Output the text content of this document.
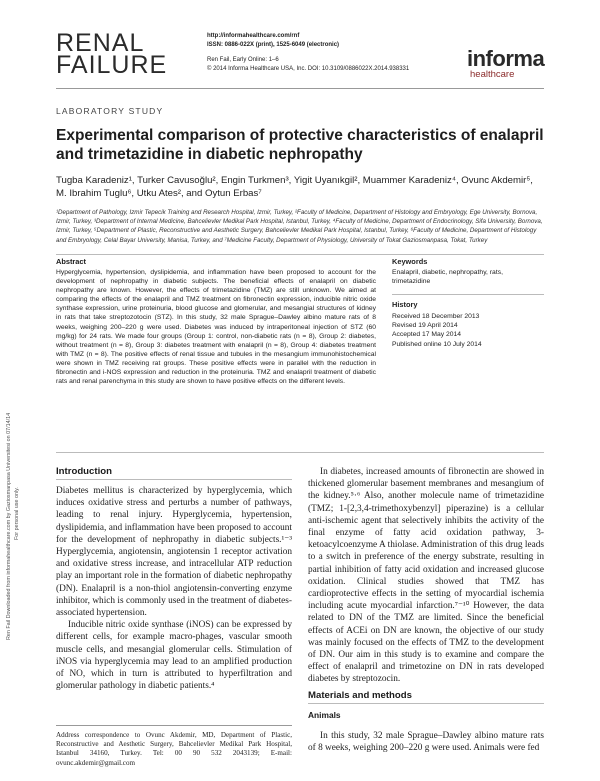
Ren Fail Downloaded from informahealthcare.com by Gaziosmanpasa Universitesi on 07/14/14 For personal use only.
RENAL
FAILURE
http://informahealthcare.com/rnf
ISSN: 0886-022X (print), 1525-6049 (electronic)
Ren Fail, Early Online: 1–6
© 2014 Informa Healthcare USA, Inc. DOI: 10.3109/0886022X.2014.938331	informa
healthcare
LABORATORY STUDY
Experimental comparison of protective characteristics of enalapril and trimetazidine in diabetic nephropathy
Tugba Karadeniz¹, Turker Cavusoğlu², Engin Turkmen³, Yigit Uyanıkgil², Muammer Karadeniz⁴, Ovunc Akdemir⁵,
M. Ibrahim Tuglu⁶, Utku Ates², and Oytun Erbas⁷
¹Department of Pathology, Izmir Tepecik Training and Research Hospital, Izmir, Turkey, ²Faculty of Medicine, Department of Histology and Embryology, Ege University, Bornova, Izmir, Turkey, ³Department of Internal Medicine, Bahcelievler Medikal Park Hospital, Istanbul, Turkey, ⁴Faculty of Medicine, Department of Endocrinology, Sifa University, Bornova, Izmir, Turkey, ⁵Department of Plastic, Reconstructive and Aesthetic Surgery, Bahcelievler Medikal Park Hospital, Istanbul, Turkey, ⁶Faculty of Medicine, Department of Histology and Embryology, Celal Bayar University, Manisa, Turkey, and ⁷Medicine Faculty, Department of Physiology, University of Tokat Gaziosmanpasa, Tokat, Turkey
Abstract
Hyperglycemia, hypertension, dyslipidemia, and inflammation have been proposed to account for the development of nephropathy in diabetic subjects. The beneficial effects of enalapril on diabetic nephropathy are known. However, the effects of trimetazidine (TMZ) are still unknown. We aimed at comparing the effects of the enalapril and TMZ treatment on fibronectin expression, inducible nitric oxide synthase expression, urine proteinuria, blood glucose and glomerular, and mesangial structures of kidney in rats that take streptozotocin (STZ). In this study, 32 male Sprague–Dawley albino mature rats of 8 weeks, weighing 200–220 g were used. Diabetes was induced by intraperitoneal injection of STZ (60 mg/kg) for 24 rats. We made four groups (Group 1: control, non-diabetic rats (n = 8), Group 2: diabetes, without treatment (n = 8), Group 3: diabetes treatment with enalapril (n = 8), Group 4: diabetes treatment with TMZ (n = 8). The positive effects of renal tissue and tubules in the mesangium immunohistochemical were shown in TMZ receiving rat groups. These positive effects were in parallel with the reduction in fibronectin and i-NOS expression and reduction in the proteinuria. TMZ and enalapril treatment of diabetic rats and renal parenchyma in this study are shown to have positive effects on the different levels.
Keywords
Enalapril, diabetic, nephropathy, rats, trimetazidine
History
Received 18 December 2013
Revised 19 April 2014
Accepted 17 May 2014
Published online 10 July 2014
Introduction

Diabetes mellitus is characterized by hyperglycemia, which induces oxidative stress and perturbs a number of pathways, leading to renal injury. Hyperglycemia, hypertension, dyslipidemia, and inflammation have been proposed to account for the development of nephropathy in diabetic subjects.¹⁻³ Hyperglycemia, angiotensin, angiotensin 1 receptor activation and oxidative stress increase, and intracellular ATP reduction play an important role in the formation of diabetic nephropathy (DN). Enalapril is a non-thiol angiotensin-converting enzyme inhibitor, which is commonly used in the treatment of diabetes-associated hypertension.

Inducible nitric oxide synthase (iNOS) can be expressed by different cells, for example macro-phages, vascular smooth muscle cells, and mesangial glomerular cells. Stimulation of iNOS via hyperglycemia may lead to an amplified production of NO, which in turn is attributed to hyperfiltration and glomerular pathology in diabetic patients.⁴

Address correspondence to Ovunc Akdemir, MD, Department of Plastic, Reconstructive and Aesthetic Surgery, Bahcelievler Medikal Park Hospital, Istanbul 34160, Turkey. Tel: 00 90 532 2043139; E-mail: ovunc.akdemir@gmail.com

In diabetes, increased amounts of fibronectin are showed in thickened glomerular basement membranes and mesangium of the kidney.⁵·⁶ Also, another molecule name of trimetazidine (TMZ; 1-[2,3,4-trimethoxybenzyl] piperazine) is a cellular anti-ischemic agent that selectively inhibits the activity of the final enzyme of fatty acid oxidation pathway, 3-ketoacylcoenzyme A thiolase. Administration of this drug leads to a switch in preference of the energy substrate, resulting in partial inhibition of fatty acid oxidation and increased glucose oxidation. Clinical studies showed that TMZ has cardioprotective effects in the setting of myocardial ischemia including acute myocardial infarction.⁷⁻¹⁰ However, the data related to DN of the TMZ are limited. Since the beneficial effects of ACEi on DN are known, the objective of our study was mainly focused on the effects of TMZ to the development of DN. Our aim in this study is to examine and compare the effect of enalapril and trimetozine on DN in rats developed diabetes by streptozocin.

Materials and methods
Animals

In this study, 32 male Sprague–Dawley albino mature rats of 8 weeks, weighing 200–220 g were used. Animals were fed
